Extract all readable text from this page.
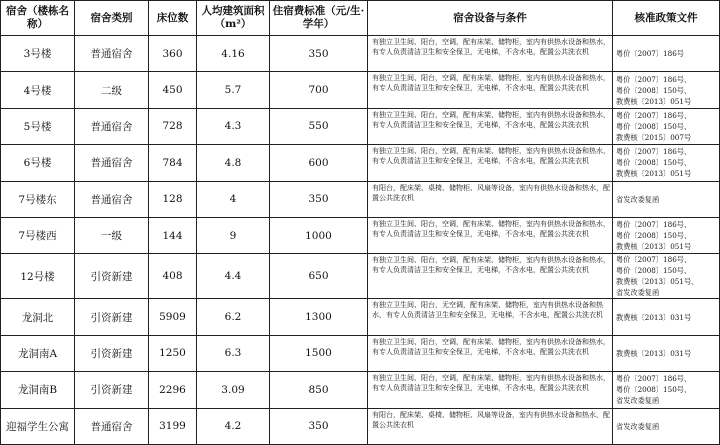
宿舍（楼栋名称）	宿舍类别	床位数	人均建筑面积（m²）	住宿费标准（元/生·学年）	宿舍设备与条件	核准政策文件
3号楼	普通宿舍	360	4.16	350	有独立卫生间、阳台，空调，配有床架、储物柜，室内有供热水设备和热水，有专人负责清洁卫生和安全保卫，无电梯，不含水电，配置公共洗衣机	粤价〔2007〕186号

4号楼	二级	450	5.7	700	有独立卫生间、阳台，空调，配有床架、储物柜，室内有供热水设备和热水，有专人负责清洁卫生和安全保卫，无电梯，不含水电，配置公共洗衣机	粤价〔2007〕186号、
粤价〔2008〕150号、
教费核〔2013〕051号

5号楼	普通宿舍	728	4.3	550	有独立卫生间、阳台，空调，配有床架、储物柜，室内有供热水设备和热水，有专人负责清洁卫生和安全保卫，无电梯，不含水电，配置公共洗衣机	粤价〔2007〕186号、
粤价〔2008〕150号、
教费核〔2015〕007号

6号楼	普通宿舍	784	4.8	600	有独立卫生间、阳台，空调，配有床架、储物柜，室内有供热水设备和热水，有专人负责清洁卫生和安全保卫，无电梯，不含水电，配置公共洗衣机	粤价〔2007〕186号、
粤价〔2008〕150号、
教费核〔2013〕051号

7号楼东	普通宿舍	128	4	350	有阳台，配床架、桌椅、储物柜、风扇等设备，室内有供热水设备和热水，配置公共洗衣机	省发改委复函

7号楼西	一级	144	9	1000	有独立卫生间、阳台，空调，配有床架、储物柜，室内有供热水设备和热水，有专人负责清洁卫生和安全保卫，无电梯，不含水电，配置公共洗衣机	粤价〔2007〕186号、
粤价〔2008〕150号、
教费核〔2013〕051号

12号楼	引资新建	408	4.4	650	有独立卫生间、阳台，空调，配有床架、储物柜，室内有供热水设备和热水，有专人负责清洁卫生和安全保卫，无电梯，不含水电，配置公共洗衣机	粤价〔2007〕186号、
粤价〔2008〕150号、
教费核〔2013〕051号、
省发改委复函

龙洞北	引资新建	5909	6.2	1300	有独立卫生间、阳台，无空调，配有床架、储物柜，室内有供热水设备和热水，有专人负责清洁卫生和安全保卫，无电梯，不含水电，配置公共洗衣机	教费核〔2013〕031号

龙洞南A	引资新建	1250	6.3	1500	有独立卫生间、阳台，空调，配有床架、储物柜，室内有供热水设备和热水，有专人负责清洁卫生和安全保卫，无电梯，不含水电，配置公共洗衣机	教费核〔2013〕031号

龙洞南B	引资新建	2296	3.09	850	有独立卫生间、阳台，空调，配有床架、储物柜，室内有供热水设备和热水，有专人负责清洁卫生和安全保卫，无电梯，不含水电，配置公共洗衣机	粤价〔2007〕186号、
粤价〔2008〕150号、
省发改委复函

迎福学生公寓	普通宿舍	3199	4.2	350	有阳台，配床架、桌椅、储物柜、风扇等设备，室内有供热水设备和热水，配置公共洗衣机	省发改委复函
